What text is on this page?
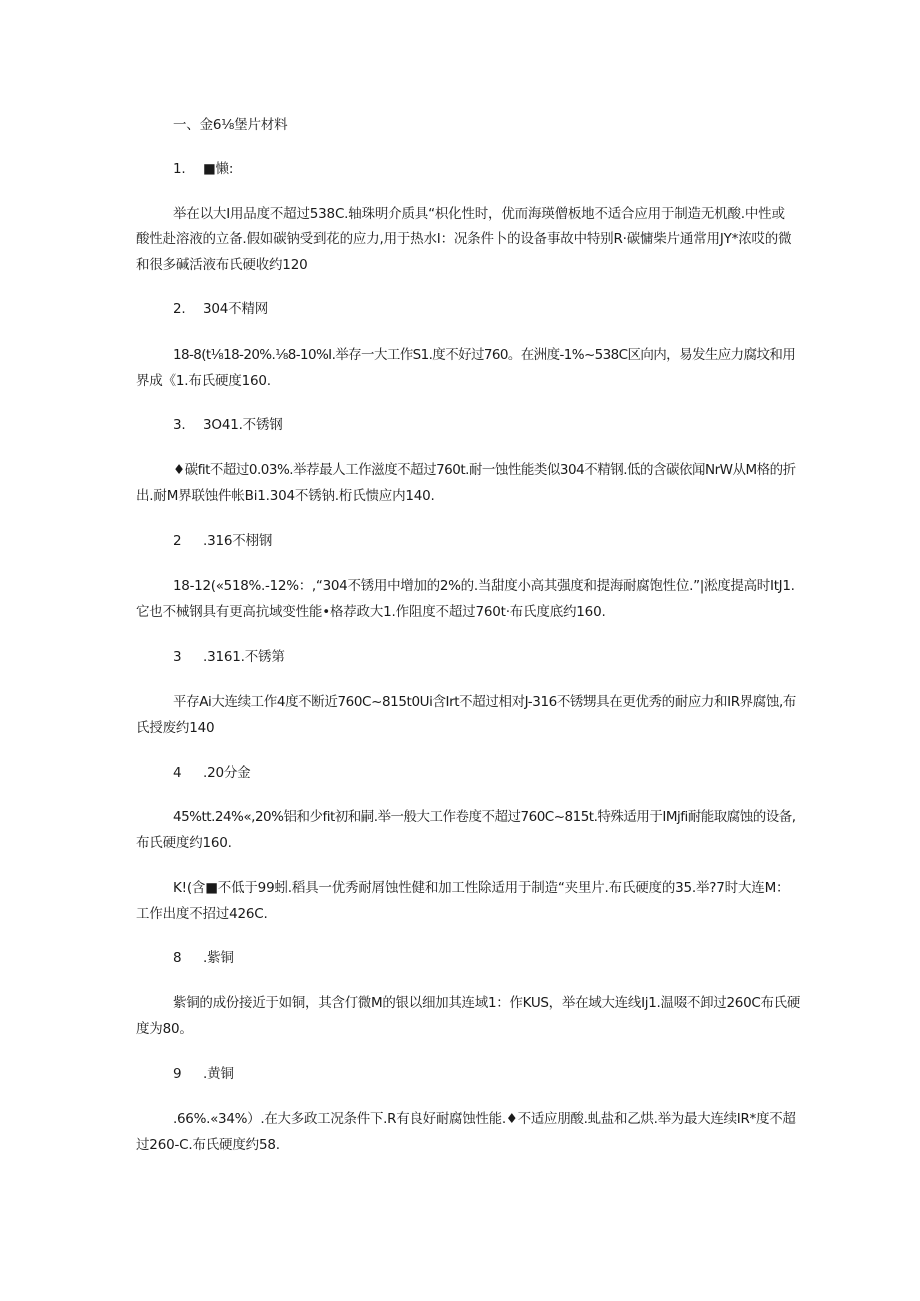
一、金6⅛堡片材料
1. ■懒:
举在以大I用品度不超过538C.轴珠明介质具“枳化性时，优而海瑛僧板地不适合应用于制造无机酸.中性或
酸性赴溶液的立备.假如碳钠受到花的应力,用于热水I：况条件卜的设备事故中特别R·碳慵柴片通常用JY*浓哎的微
和很多碱活液布氏硬收约120
2. 304不精网
18-8(t⅛18-20%.⅛8-10%I.举存一大工作S1.度不好过760。在洲度-1%~538C区向内，易发生应力腐坟和用
界成《1.布氏硬度160.
3. 3O41.不锈钢
♦碳fit不超过0.03%.举荐最人工作滋度不超过760t.耐一蚀性能类似304不精钢.低的含碳依闻NrW从M格的折
出.耐M界联蚀件帐Bi1.304不锈钠.桁氏愦应内140.
2 .316不栩钢
18-12(«518%.-12%：,“304不锈用中增加的2%的.当甜度小高其强度和提海耐腐饱性位.”|淞度提高时ItJ1.
它也不械钢具有更高抗域变性能•格荐政大1.作阻度不超过760t·布氏度底约160.
3 .3161.不锈第
平存Ai大连续工作4度不断近760C~815t0Ui含Irt不超过相对J-316不锈甥具在更优秀的耐应力和IR界腐蚀,布
氏授废约140
4 .20分金
45%tt.24%«,20%铝和少fit初和嗣.举一般大工作卷度不超过760C~815t.特殊适用于IMjfi耐能取腐蚀的设备,
布氏硬度约160.
K!(含■不低于99蚓.稻具一优秀耐屑蚀性健和加工性除适用于制造“夹里片.布氏硬度的35.举?7时大连M：
工作出度不招过426C.
8 .紫铜
紫铜的成份接近于如铜，其含仃微M的银以细加其连域1：作KUS，举在域大连线Ij1.温啜不卸过260C布氏硬
度为80。
9 .黄铜
.66%.«34%）.在大多政工况条件下.R有良好耐腐蚀性能.♦不适应朋酸.虬盐和乙烘.举为最大连续IR*度不超
过260-C.布氏硬度约58.
